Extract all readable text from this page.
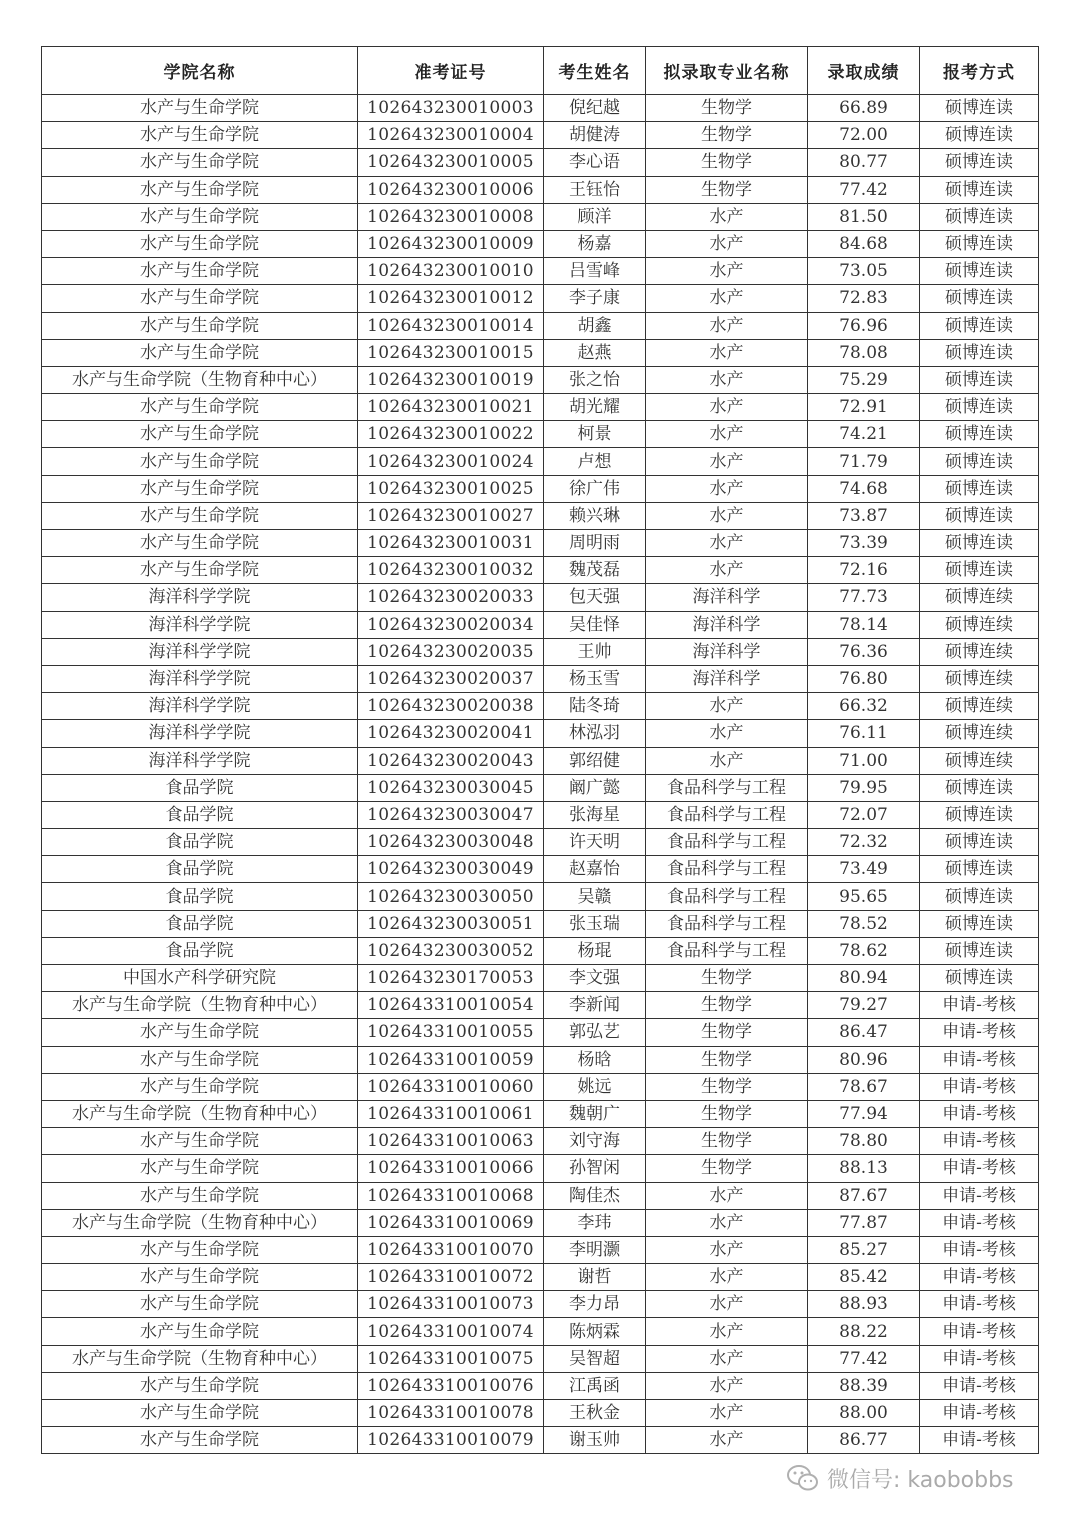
学院名称	准考证号	考生姓名	拟录取专业名称	录取成绩	报考方式
水产与生命学院	102643230010003	倪纪越	生物学	66.89	硕博连读
水产与生命学院	102643230010004	胡健涛	生物学	72.00	硕博连读
水产与生命学院	102643230010005	李心语	生物学	80.77	硕博连读
水产与生命学院	102643230010006	王钰怡	生物学	77.42	硕博连读
水产与生命学院	102643230010008	顾洋	水产	81.50	硕博连读
水产与生命学院	102643230010009	杨嘉	水产	84.68	硕博连读
水产与生命学院	102643230010010	吕雪峰	水产	73.05	硕博连读
水产与生命学院	102643230010012	李子康	水产	72.83	硕博连读
水产与生命学院	102643230010014	胡鑫	水产	76.96	硕博连读
水产与生命学院	102643230010015	赵燕	水产	78.08	硕博连读
水产与生命学院（生物育种中心）	102643230010019	张之怡	水产	75.29	硕博连读
水产与生命学院	102643230010021	胡光耀	水产	72.91	硕博连读
水产与生命学院	102643230010022	柯景	水产	74.21	硕博连读
水产与生命学院	102643230010024	卢想	水产	71.79	硕博连读
水产与生命学院	102643230010025	徐广伟	水产	74.68	硕博连读
水产与生命学院	102643230010027	赖兴琳	水产	73.87	硕博连读
水产与生命学院	102643230010031	周明雨	水产	73.39	硕博连读
水产与生命学院	102643230010032	魏茂磊	水产	72.16	硕博连读
海洋科学学院	102643230020033	包天强	海洋科学	77.73	硕博连续
海洋科学学院	102643230020034	吴佳怿	海洋科学	78.14	硕博连续
海洋科学学院	102643230020035	王帅	海洋科学	76.36	硕博连续
海洋科学学院	102643230020037	杨玉雪	海洋科学	76.80	硕博连续
海洋科学学院	102643230020038	陆冬琦	水产	66.32	硕博连续
海洋科学学院	102643230020041	林泓羽	水产	76.11	硕博连续
海洋科学学院	102643230020043	郭绍健	水产	71.00	硕博连续
食品学院	102643230030045	阚广懿	食品科学与工程	79.95	硕博连读
食品学院	102643230030047	张海星	食品科学与工程	72.07	硕博连读
食品学院	102643230030048	许天明	食品科学与工程	72.32	硕博连读
食品学院	102643230030049	赵嘉怡	食品科学与工程	73.49	硕博连读
食品学院	102643230030050	吴赣	食品科学与工程	95.65	硕博连读
食品学院	102643230030051	张玉瑞	食品科学与工程	78.52	硕博连读
食品学院	102643230030052	杨琨	食品科学与工程	78.62	硕博连读
中国水产科学研究院	102643230170053	李文强	生物学	80.94	硕博连读
水产与生命学院（生物育种中心）	102643310010054	李新闻	生物学	79.27	申请-考核
水产与生命学院	102643310010055	郭弘艺	生物学	86.47	申请-考核
水产与生命学院	102643310010059	杨晗	生物学	80.96	申请-考核
水产与生命学院	102643310010060	姚远	生物学	78.67	申请-考核
水产与生命学院（生物育种中心）	102643310010061	魏朝广	生物学	77.94	申请-考核
水产与生命学院	102643310010063	刘守海	生物学	78.80	申请-考核
水产与生命学院	102643310010066	孙智闲	生物学	88.13	申请-考核
水产与生命学院	102643310010068	陶佳杰	水产	87.67	申请-考核
水产与生命学院（生物育种中心）	102643310010069	李玮	水产	77.87	申请-考核
水产与生命学院	102643310010070	李明灏	水产	85.27	申请-考核
水产与生命学院	102643310010072	谢哲	水产	85.42	申请-考核
水产与生命学院	102643310010073	李力昂	水产	88.93	申请-考核
水产与生命学院	102643310010074	陈炳霖	水产	88.22	申请-考核
水产与生命学院（生物育种中心）	102643310010075	吴智超	水产	77.42	申请-考核
水产与生命学院	102643310010076	江禹函	水产	88.39	申请-考核
水产与生命学院	102643310010078	王秋金	水产	88.00	申请-考核
水产与生命学院	102643310010079	谢玉帅	水产	86.77	申请-考核
微信号: kaobobbs
